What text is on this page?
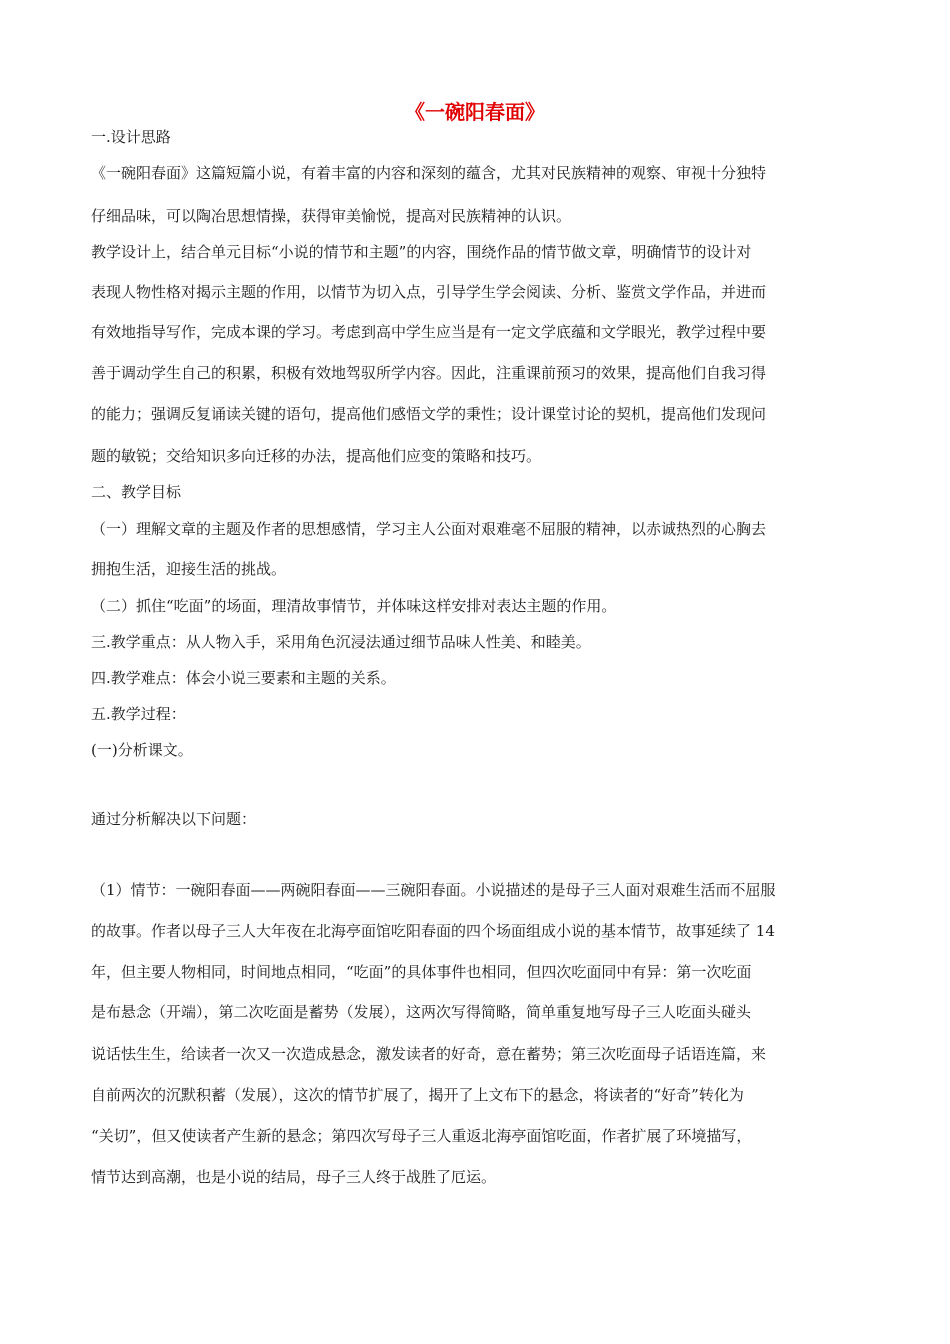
《一碗阳春面》
一.设计思路
《一碗阳春面》这篇短篇小说，有着丰富的内容和深刻的蕴含，尤其对民族精神的观察、审视十分独特
仔细品味，可以陶冶思想情操，获得审美愉悦，提高对民族精神的认识。
教学设计上，结合单元目标“小说的情节和主题”的内容，围绕作品的情节做文章，明确情节的设计对
表现人物性格对揭示主题的作用，以情节为切入点，引导学生学会阅读、分析、鉴赏文学作品，并进而
有效地指导写作，完成本课的学习。考虑到高中学生应当是有一定文学底蕴和文学眼光，教学过程中要
善于调动学生自己的积累，积极有效地驾驭所学内容。因此，注重课前预习的效果，提高他们自我习得
的能力；强调反复诵读关键的语句，提高他们感悟文学的秉性；设计课堂讨论的契机，提高他们发现问
题的敏锐；交给知识多向迁移的办法，提高他们应变的策略和技巧。
二、教学目标
（一）理解文章的主题及作者的思想感情，学习主人公面对艰难毫不屈服的精神，以赤诚热烈的心胸去
拥抱生活，迎接生活的挑战。
（二）抓住“吃面”的场面，理清故事情节，并体味这样安排对表达主题的作用。
三.教学重点：从人物入手，采用角色沉浸法通过细节品味人性美、和睦美。
四.教学难点：体会小说三要素和主题的关系。
五.教学过程：
(一)分析课文。
通过分析解决以下问题：
（1）情节：一碗阳春面——两碗阳春面——三碗阳春面。小说描述的是母子三人面对艰难生活而不屈服
的故事。作者以母子三人大年夜在北海亭面馆吃阳春面的四个场面组成小说的基本情节，故事延续了 14
年，但主要人物相同，时间地点相同，“吃面”的具体事件也相同，但四次吃面同中有异：第一次吃面
是布悬念（开端），第二次吃面是蓄势（发展），这两次写得简略，简单重复地写母子三人吃面头碰头
说话怯生生，给读者一次又一次造成悬念，激发读者的好奇，意在蓄势；第三次吃面母子话语连篇，来
自前两次的沉默积蓄（发展），这次的情节扩展了，揭开了上文布下的悬念，将读者的“好奇”转化为
“关切”，但又使读者产生新的悬念；第四次写母子三人重返北海亭面馆吃面，作者扩展了环境描写，
情节达到高潮，也是小说的结局，母子三人终于战胜了厄运。
